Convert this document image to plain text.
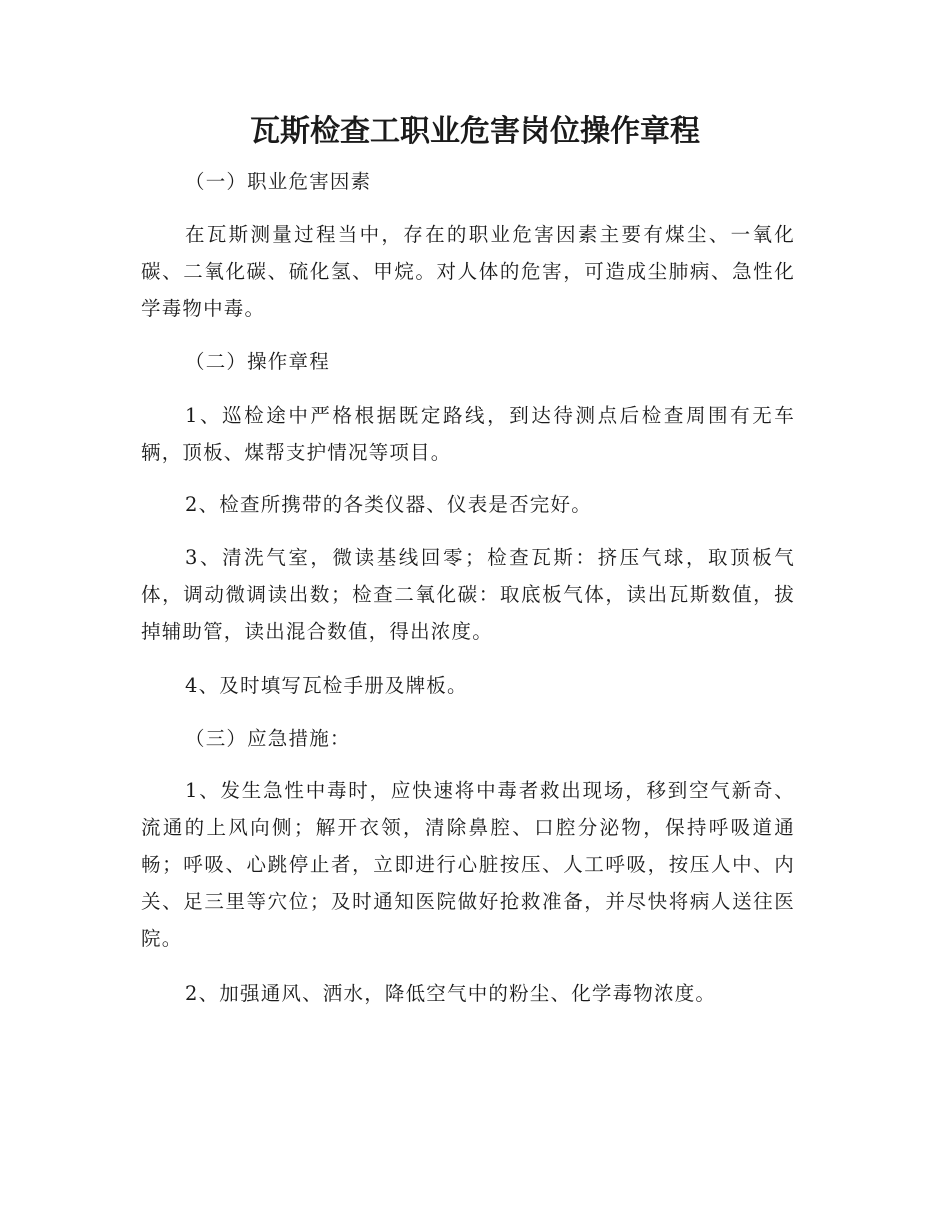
瓦斯检查工职业危害岗位操作章程

（一）职业危害因素

在瓦斯测量过程当中，存在的职业危害因素主要有煤尘、一氧化碳、二氧化碳、硫化氢、甲烷。对人体的危害，可造成尘肺病、急性化学毒物中毒。

（二）操作章程

1、巡检途中严格根据既定路线，到达待测点后检查周围有无车辆，顶板、煤帮支护情况等项目。

2、检查所携带的各类仪器、仪表是否完好。

3、清洗气室，微读基线回零；检查瓦斯：挤压气球，取顶板气体，调动微调读出数；检查二氧化碳：取底板气体，读出瓦斯数值，拔掉辅助管，读出混合数值，得出浓度。

4、及时填写瓦检手册及牌板。

（三）应急措施：

1、发生急性中毒时，应快速将中毒者救出现场，移到空气新奇、流通的上风向侧；解开衣领，清除鼻腔、口腔分泌物，保持呼吸道通畅；呼吸、心跳停止者，立即进行心脏按压、人工呼吸，按压人中、内关、足三里等穴位；及时通知医院做好抢救准备，并尽快将病人送往医院。

2、加强通风、洒水，降低空气中的粉尘、化学毒物浓度。
